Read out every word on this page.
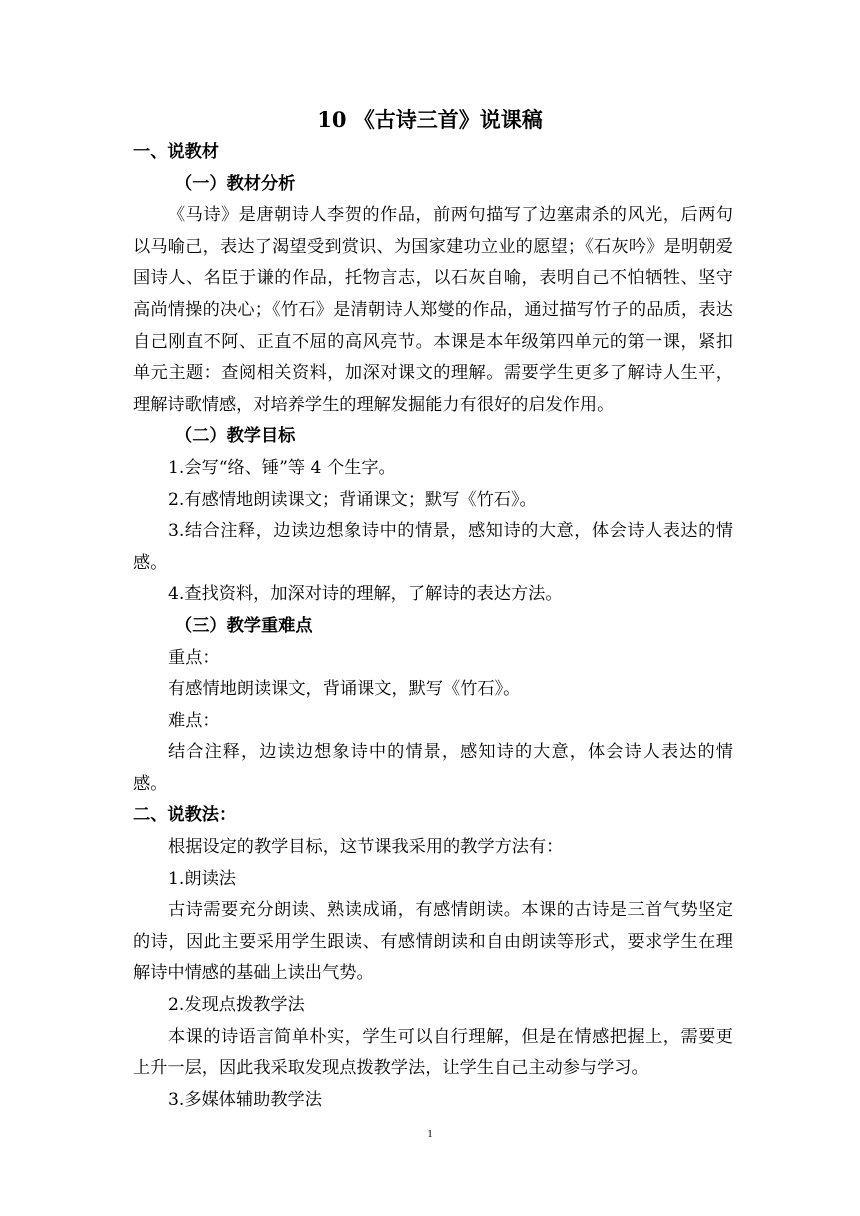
10 《古诗三首》说课稿

一、说教材

（一）教材分析

《马诗》是唐朝诗人李贺的作品，前两句描写了边塞肃杀的风光，后两句以马喻己，表达了渴望受到赏识、为国家建功立业的愿望；《石灰吟》是明朝爱国诗人、名臣于谦的作品，托物言志，以石灰自喻，表明自己不怕牺牲、坚守高尚情操的决心；《竹石》是清朝诗人郑燮的作品，通过描写竹子的品质，表达自己刚直不阿、正直不屈的高风亮节。本课是本年级第四单元的第一课，紧扣单元主题：查阅相关资料，加深对课文的理解。需要学生更多了解诗人生平，理解诗歌情感，对培养学生的理解发掘能力有很好的启发作用。

（二）教学目标

1.会写“络、锤”等 4 个生字。

2.有感情地朗读课文；背诵课文；默写《竹石》。

3.结合注释，边读边想象诗中的情景，感知诗的大意，体会诗人表达的情感。

4.查找资料，加深对诗的理解，了解诗的表达方法。

（三）教学重难点

重点：

有感情地朗读课文，背诵课文，默写《竹石》。

难点：

结合注释，边读边想象诗中的情景，感知诗的大意，体会诗人表达的情感。

二、说教法：

根据设定的教学目标，这节课我采用的教学方法有：

1.朗读法

古诗需要充分朗读、熟读成诵，有感情朗读。本课的古诗是三首气势坚定的诗，因此主要采用学生跟读、有感情朗读和自由朗读等形式，要求学生在理解诗中情感的基础上读出气势。

2.发现点拨教学法

本课的诗语言简单朴实，学生可以自行理解，但是在情感把握上，需要更上升一层，因此我采取发现点拨教学法，让学生自己主动参与学习。

3.多媒体辅助教学法

1
